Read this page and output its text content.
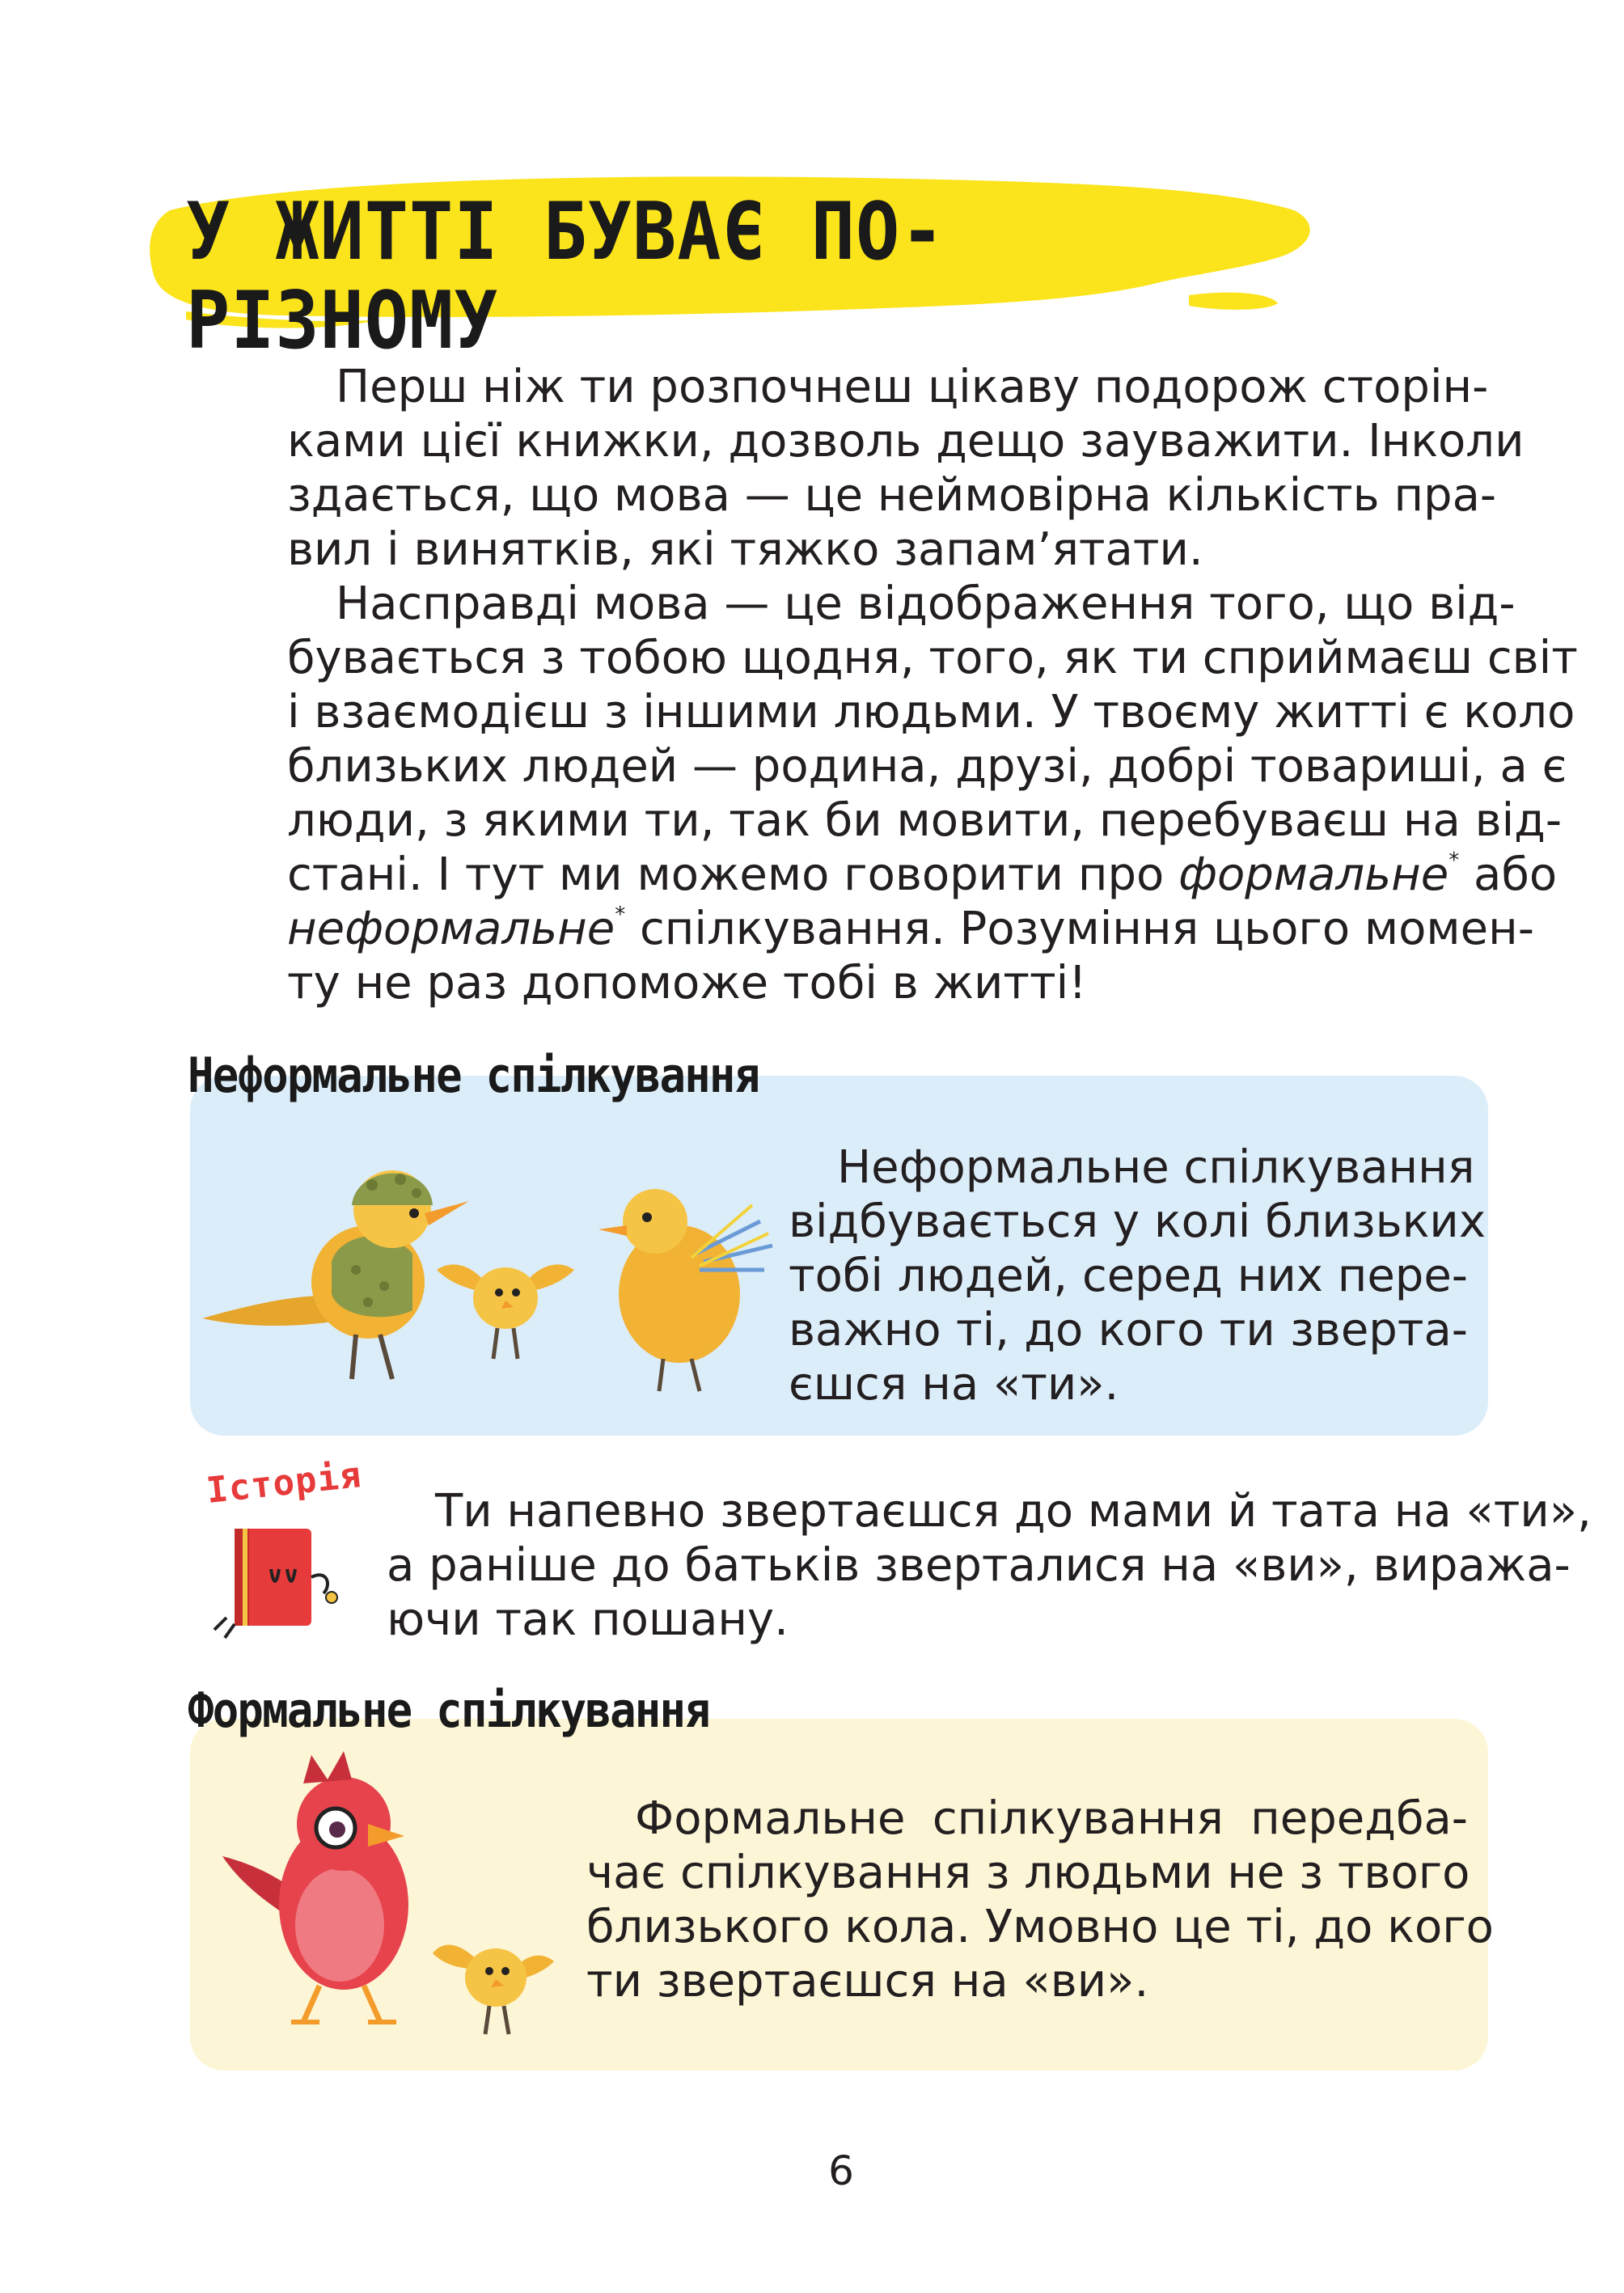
У ЖИТТІ БУВАЄ ПО-РІЗНОМУ
Перш ніж ти розпочнеш цікаву подорож сторін-
ками цієї книжки, дозволь дещо зауважити. Інколи
здається, що мова — це неймовірна кількість пра-
вил і винятків, які тяжко запам’ятати.
Насправді мова — це відображення того, що від-
бувається з тобою щодня, того, як ти сприймаєш світ
і взаємодієш з іншими людьми. У твоєму житті є коло
близьких людей — родина, друзі, добрі товариші, а є
люди, з якими ти, так би мовити, перебуваєш на від-
стані. І тут ми можемо говорити про формальне* або
неформальне* спілкування. Розуміння цього момен-
ту не раз допоможе тобі в житті!
Неформальне спілкування
Неформальне спілкування
відбувається у колі близьких
тобі людей, серед них пере-
важно ті, до кого ти зверта-
єшся на «ти».
Історія	Ти напевно звертаєшся до мами й тата на «ти»,
а раніше до батьків зверталися на «ви», виража-
ючи так пошану.
Формальне спілкування
Формальне спілкування передба-
чає спілкування з людьми не з твого
близького кола. Умовно це ті, до кого
ти звертаєшся на «ви».
6
